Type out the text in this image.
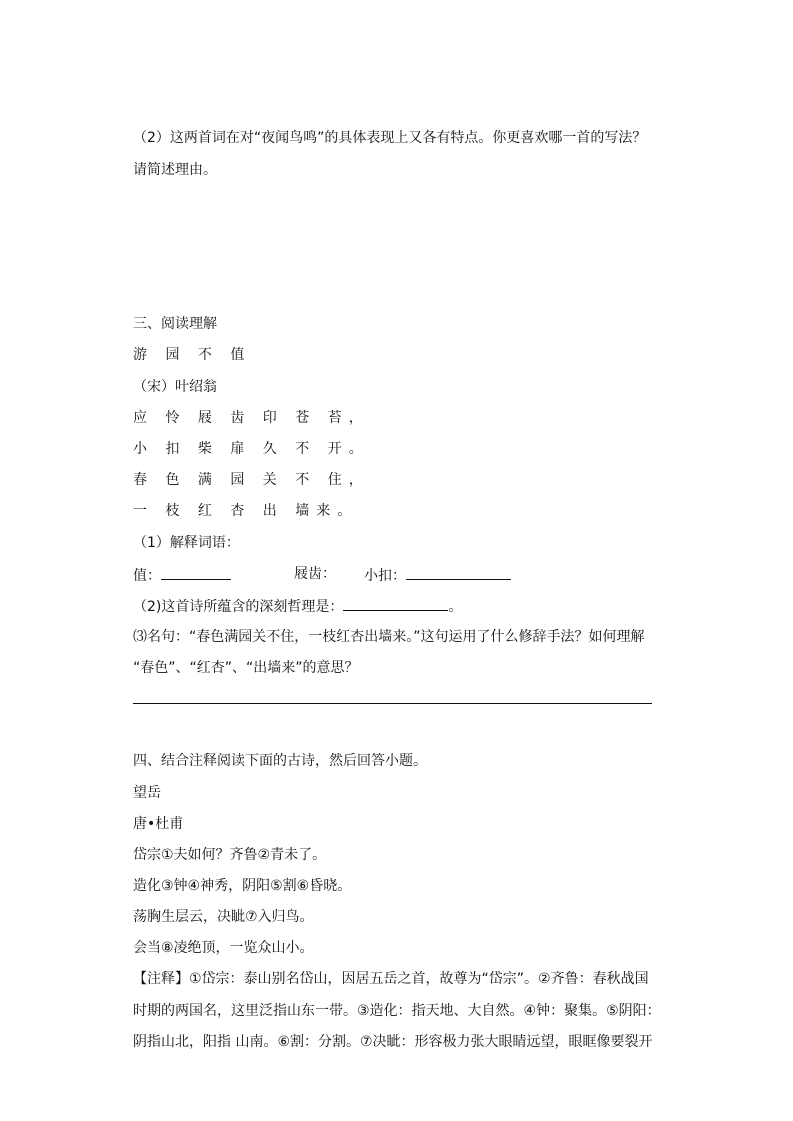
（2）这两首词在对“夜闻鸟鸣”的具体表现上又各有特点。你更喜欢哪一首的写法？
请简述理由。
三、阅读理解
游 园 不 值
（宋）叶绍翁
应 怜 屐 齿 印 苍 苔，
小 扣 柴 扉 久 不 开。
春 色 满 园 关 不 住，
一 枝 红 杏 出 墙来。
（1）解释词语：
值：	屐齿： 小扣：
（2)这首诗所蕴含的深刻哲理是：	。
⑶名句：“春色满园关不住，一枝红杏出墙来。”这句运用了什么修辞手法？如何理解
“春色”、“红杏”、“出墙来”的意思？
四、结合注释阅读下面的古诗，然后回答小题。
望岳
唐•杜甫
岱宗①夫如何？齐鲁②青未了。
造化③钟④神秀，阴阳⑤割⑥昏晓。
荡胸生层云，决眦⑦入归鸟。
会当⑧凌绝顶，一览众山小。
【注释】①岱宗：泰山别名岱山，因居五岳之首，故尊为“岱宗”。②齐鲁：春秋战国
时期的两国名，这里泛指山东一带。③造化：指天地、大自然。④钟：聚集。⑤阴阳：
阴指山北，阳指 山南。⑥割：分割。⑦决眦：形容极力张大眼睛远望，眼眶像要裂开
